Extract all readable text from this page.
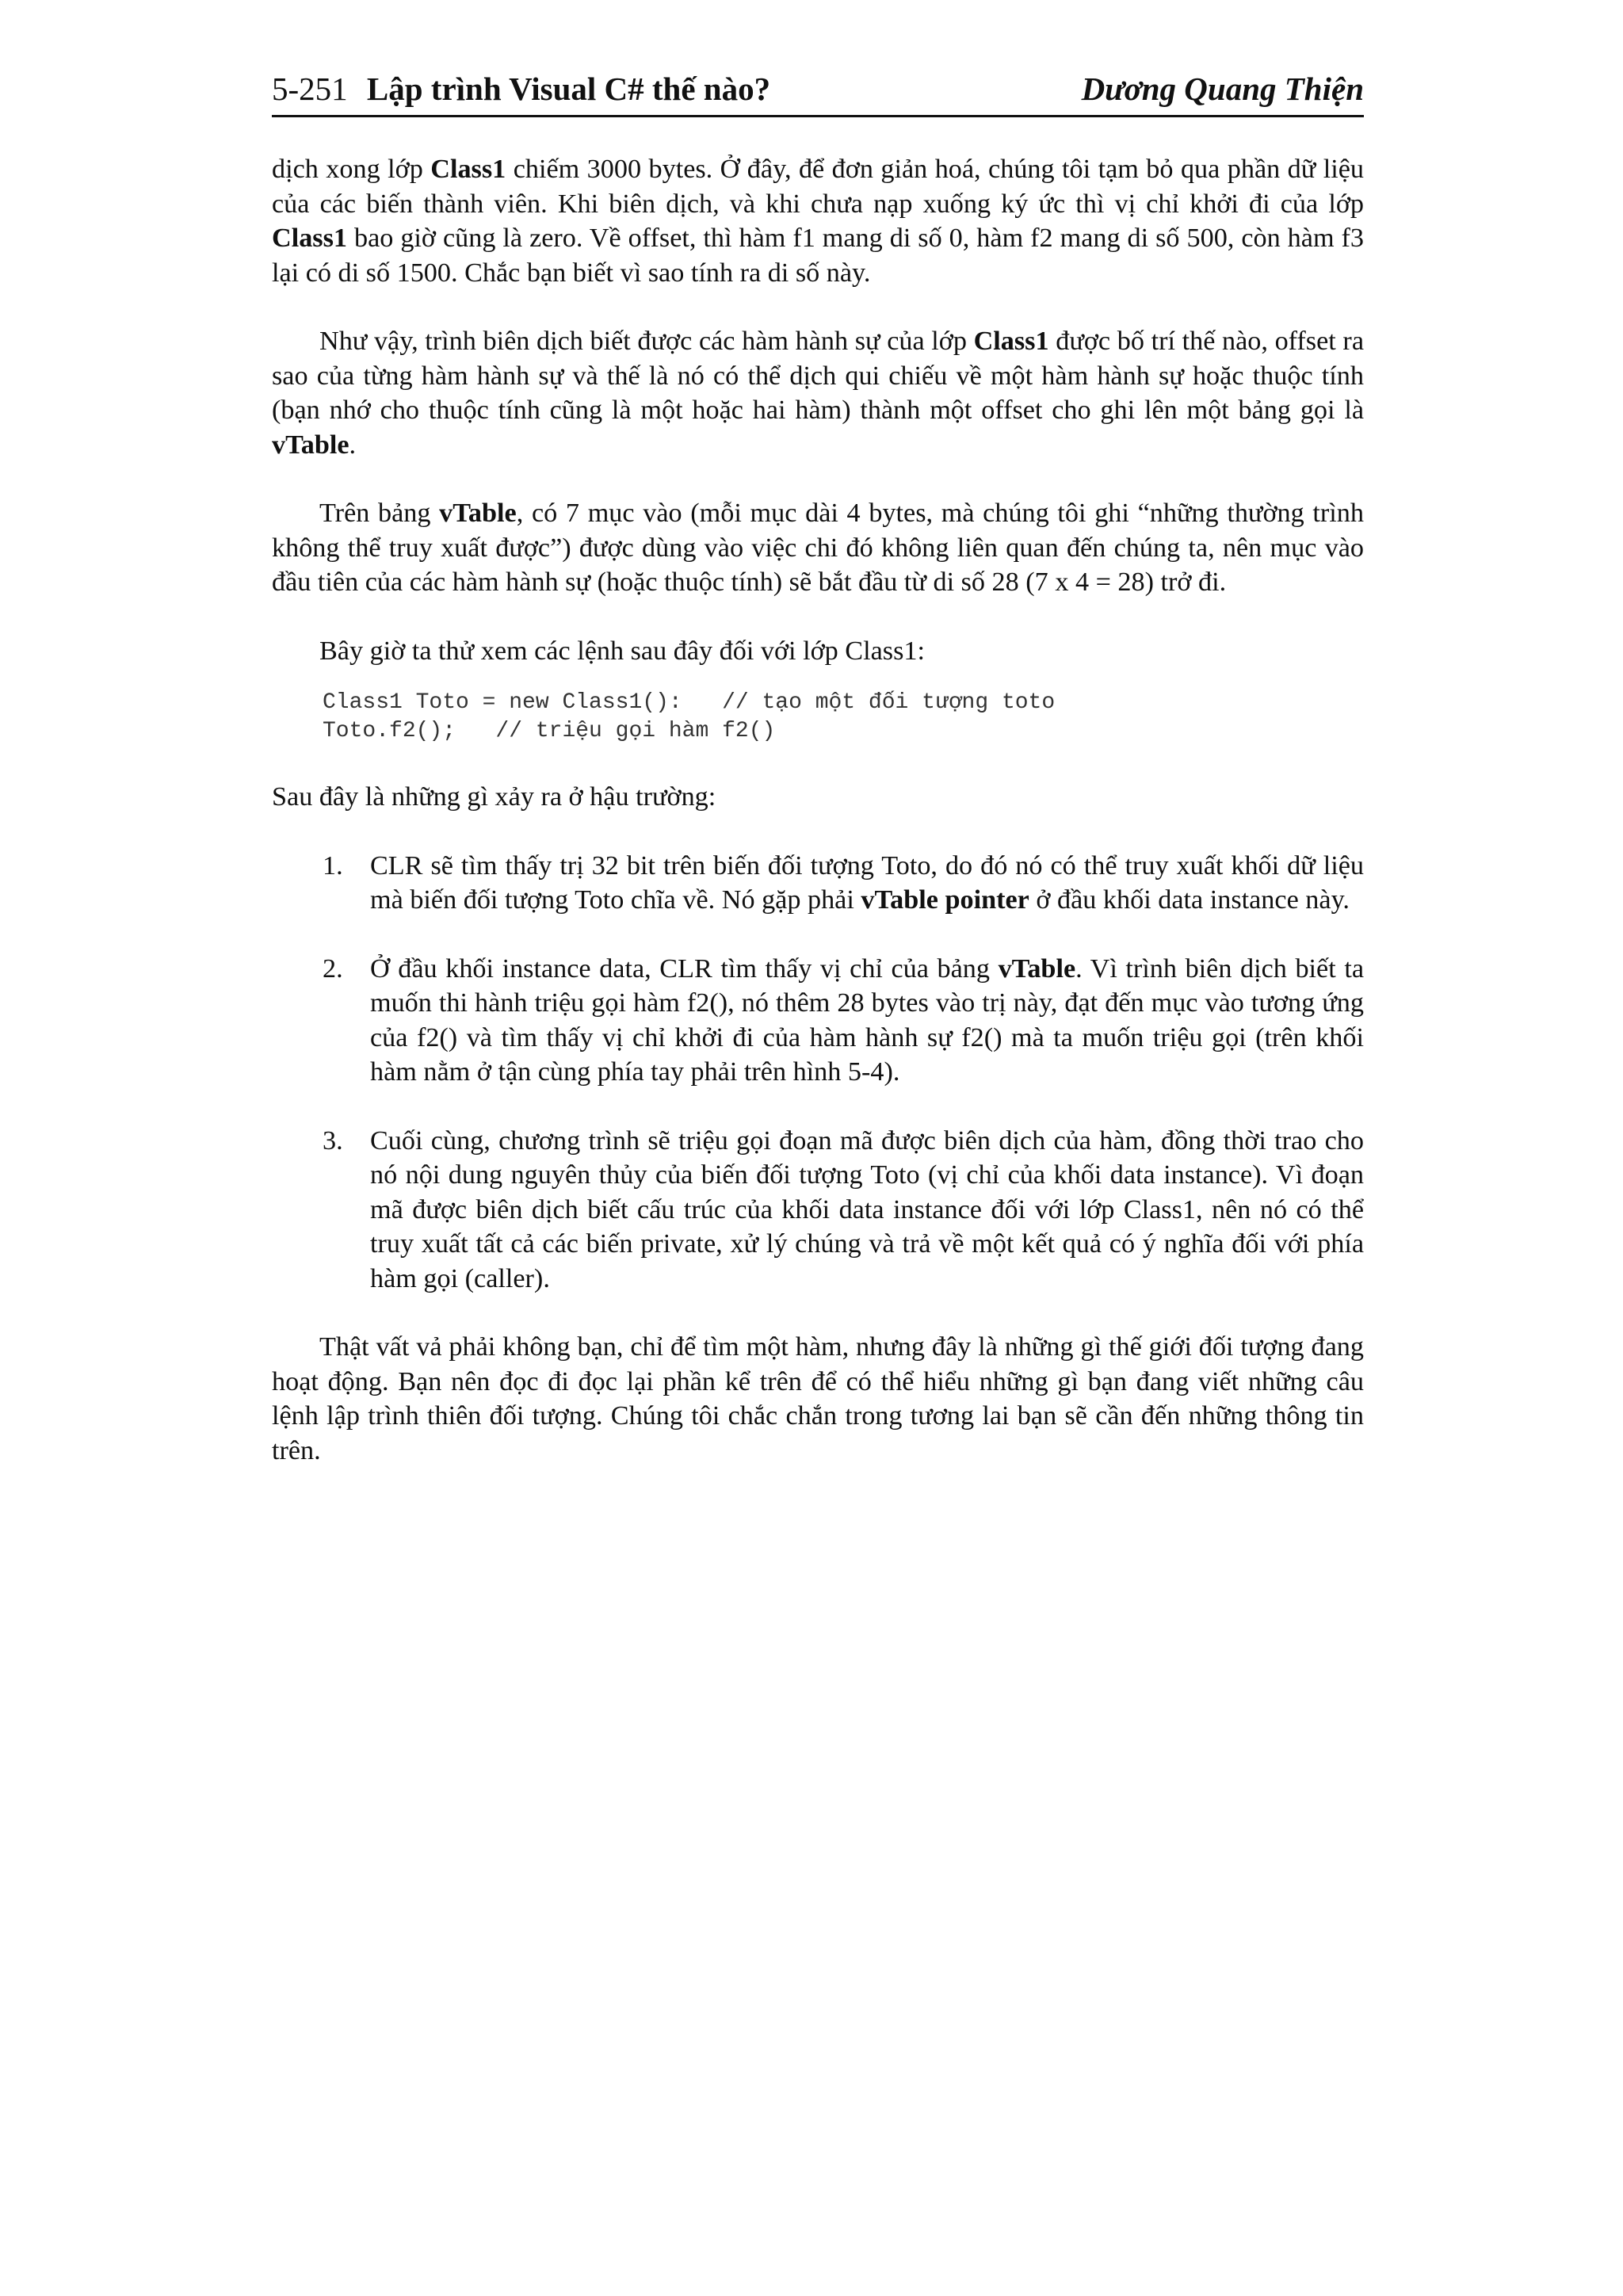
5-251 Lập trình Visual C# thế nào?	Dương Quang Thiện

dịch xong lớp Class1 chiếm 3000 bytes. Ở đây, để đơn giản hoá, chúng tôi tạm bỏ qua phần dữ liệu của các biến thành viên. Khi biên dịch, và khi chưa nạp xuống ký ức thì vị chỉ khởi đi của lớp Class1 bao giờ cũng là zero. Về offset, thì hàm f1 mang di số 0, hàm f2 mang di số 500, còn hàm f3 lại có di số 1500. Chắc bạn biết vì sao tính ra di số này.

Như vậy, trình biên dịch biết được các hàm hành sự của lớp Class1 được bố trí thế nào, offset ra sao của từng hàm hành sự và thế là nó có thể dịch qui chiếu về một hàm hành sự hoặc thuộc tính (bạn nhớ cho thuộc tính cũng là một hoặc hai hàm) thành một offset cho ghi lên một bảng gọi là vTable.

Trên bảng vTable, có 7 mục vào (mỗi mục dài 4 bytes, mà chúng tôi ghi “những thường trình không thể truy xuất được”) được dùng vào việc chi đó không liên quan đến chúng ta, nên mục vào đầu tiên của các hàm hành sự (hoặc thuộc tính) sẽ bắt đầu từ di số 28 (7 x 4 = 28) trở đi.

Bây giờ ta thử xem các lệnh sau đây đối với lớp Class1:

Class1 Toto = new Class1():   // tạo một đối tượng toto
Toto.f2();   // triệu gọi hàm f2()

Sau đây là những gì xảy ra ở hậu trường:

1. CLR sẽ tìm thấy trị 32 bit trên biến đối tượng Toto, do đó nó có thể truy xuất khối dữ liệu mà biến đối tượng Toto chĩa về. Nó gặp phải vTable pointer ở đầu khối data instance này.
2. Ở đầu khối instance data, CLR tìm thấy vị chỉ của bảng vTable. Vì trình biên dịch biết ta muốn thi hành triệu gọi hàm f2(), nó thêm 28 bytes vào trị này, đạt đến mục vào tương ứng của f2() và tìm thấy vị chỉ khởi đi của hàm hành sự f2() mà ta muốn triệu gọi (trên khối hàm nằm ở tận cùng phía tay phải trên hình 5-4).
3. Cuối cùng, chương trình sẽ triệu gọi đoạn mã được biên dịch của hàm, đồng thời trao cho nó nội dung nguyên thủy của biến đối tượng Toto (vị chỉ của khối data instance). Vì đoạn mã được biên dịch biết cấu trúc của khối data instance đối với lớp Class1, nên nó có thể truy xuất tất cả các biến private, xử lý chúng và trả về một kết quả có ý nghĩa đối với phía hàm gọi (caller).

Thật vất vả phải không bạn, chỉ để tìm một hàm, nhưng đây là những gì thế giới đối tượng đang hoạt động. Bạn nên đọc đi đọc lại phần kể trên để có thể hiểu những gì bạn đang viết những câu lệnh lập trình thiên đối tượng. Chúng tôi chắc chắn trong tương lai bạn sẽ cần đến những thông tin trên.
